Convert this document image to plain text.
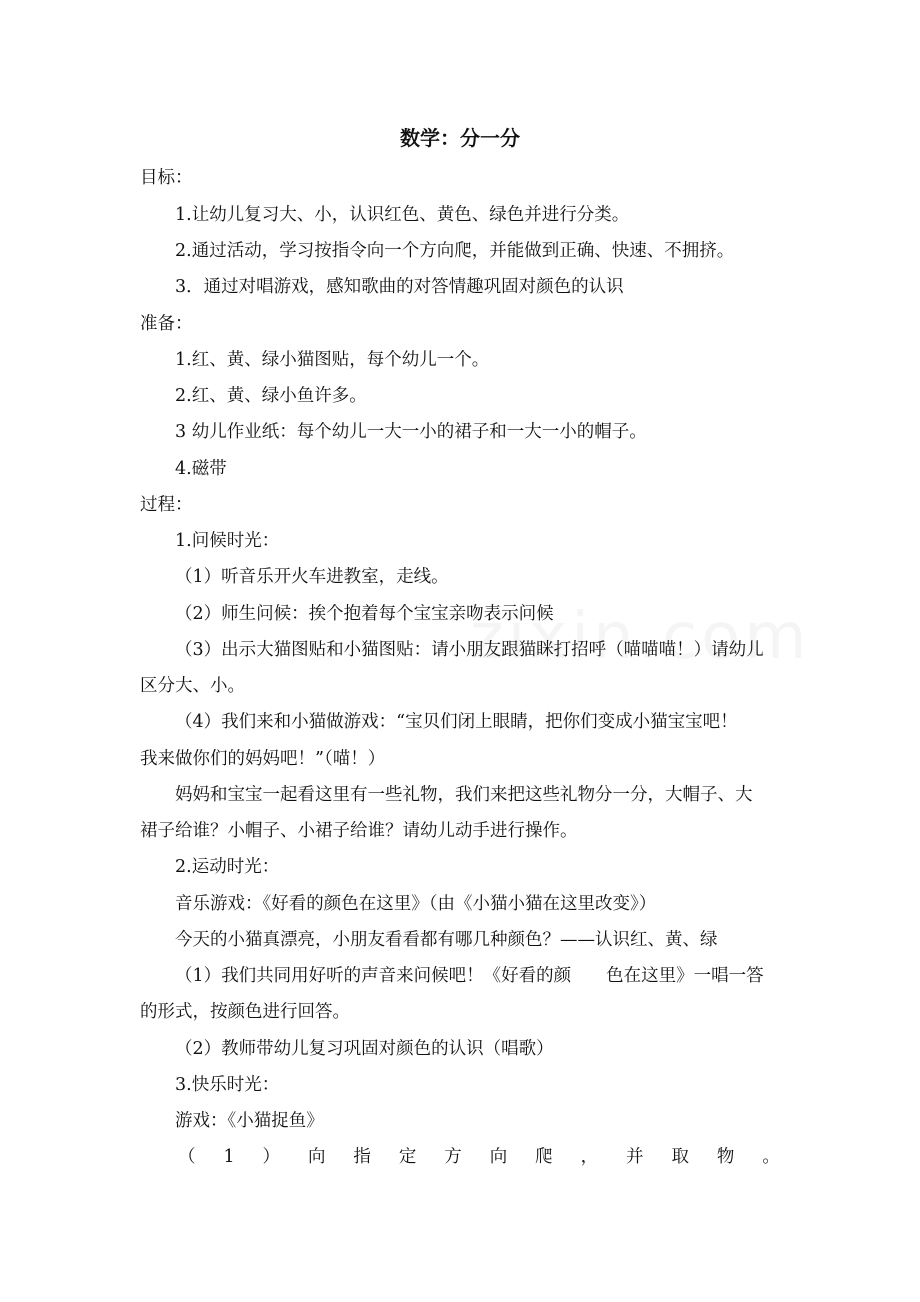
数学：分一分
目标：
1.让幼儿复习大、小，认识红色、黄色、绿色并进行分类。
2.通过活动，学习按指令向一个方向爬，并能做到正确、快速、不拥挤。
3．通过对唱游戏，感知歌曲的对答情趣巩固对颜色的认识
准备：
1.红、黄、绿小猫图贴，每个幼儿一个。
2.红、黄、绿小鱼许多。
3 幼儿作业纸：每个幼儿一大一小的裙子和一大一小的帽子。
4.磁带
过程：
1.问候时光：
（1）听音乐开火车进教室，走线。
（2）师生问候：挨个抱着每个宝宝亲吻表示问候
（3）出示大猫图贴和小猫图贴：请小朋友跟猫眯打招呼（喵喵喵！）请幼儿
区分大、小。
（4）我们来和小猫做游戏：“宝贝们闭上眼睛，把你们变成小猫宝宝吧！
我来做你们的妈妈吧！”（喵！）
妈妈和宝宝一起看这里有一些礼物，我们来把这些礼物分一分，大帽子、大
裙子给谁？小帽子、小裙子给谁？请幼儿动手进行操作。
2.运动时光：
音乐游戏：《好看的颜色在这里》（由《小猫小猫在这里改变》）
今天的小猫真漂亮，小朋友看看都有哪几种颜色？——认识红、黄、绿
（1）我们共同用好听的声音来问候吧！《好看的颜　　色在这里》一唱一答
的形式，按颜色进行回答。
（2）教师带幼儿复习巩固对颜色的认识（唱歌）
3.快乐时光：
游戏：《小猫捉鱼》
（ 1 ） 向 指 定 方 向 爬 ， 并 取 物 。
